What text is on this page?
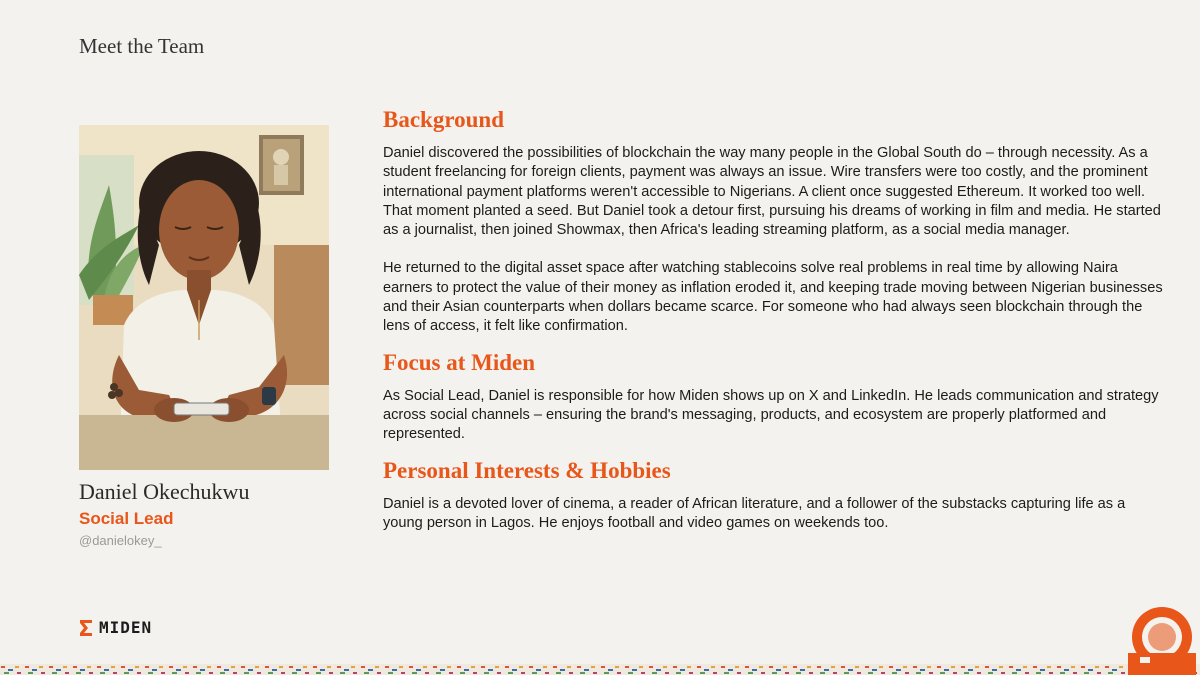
Meet the Team
Daniel Okechukwu
Social Lead
@danielokey_
Background

Daniel discovered the possibilities of blockchain the way many people in the Global South do – through necessity. As a student freelancing for foreign clients, payment was always an issue. Wire transfers were too costly, and the prominent international payment platforms weren't accessible to Nigerians. A client once suggested Ethereum. It worked too well.

That moment planted a seed. But Daniel took a detour first, pursuing his dreams of working in film and media. He started as a journalist, then joined Showmax, then Africa's leading streaming platform, as a social media manager.

He returned to the digital asset space after watching stablecoins solve real problems in real time by allowing Naira earners to protect the value of their money as inflation eroded it, and keeping trade moving between Nigerian businesses and their Asian counterparts when dollars became scarce. For someone who had always seen blockchain through the lens of access, it felt like confirmation.

Focus at Miden

As Social Lead, Daniel is responsible for how Miden shows up on X and LinkedIn. He leads communication and strategy across social channels – ensuring the brand's messaging, products, and ecosystem are properly platformed and represented.

Personal Interests & Hobbies

Daniel is a devoted lover of cinema, a reader of African literature, and a follower of the substacks capturing life as a young person in Lagos. He enjoys football and video games on weekends too.

MIDEN
